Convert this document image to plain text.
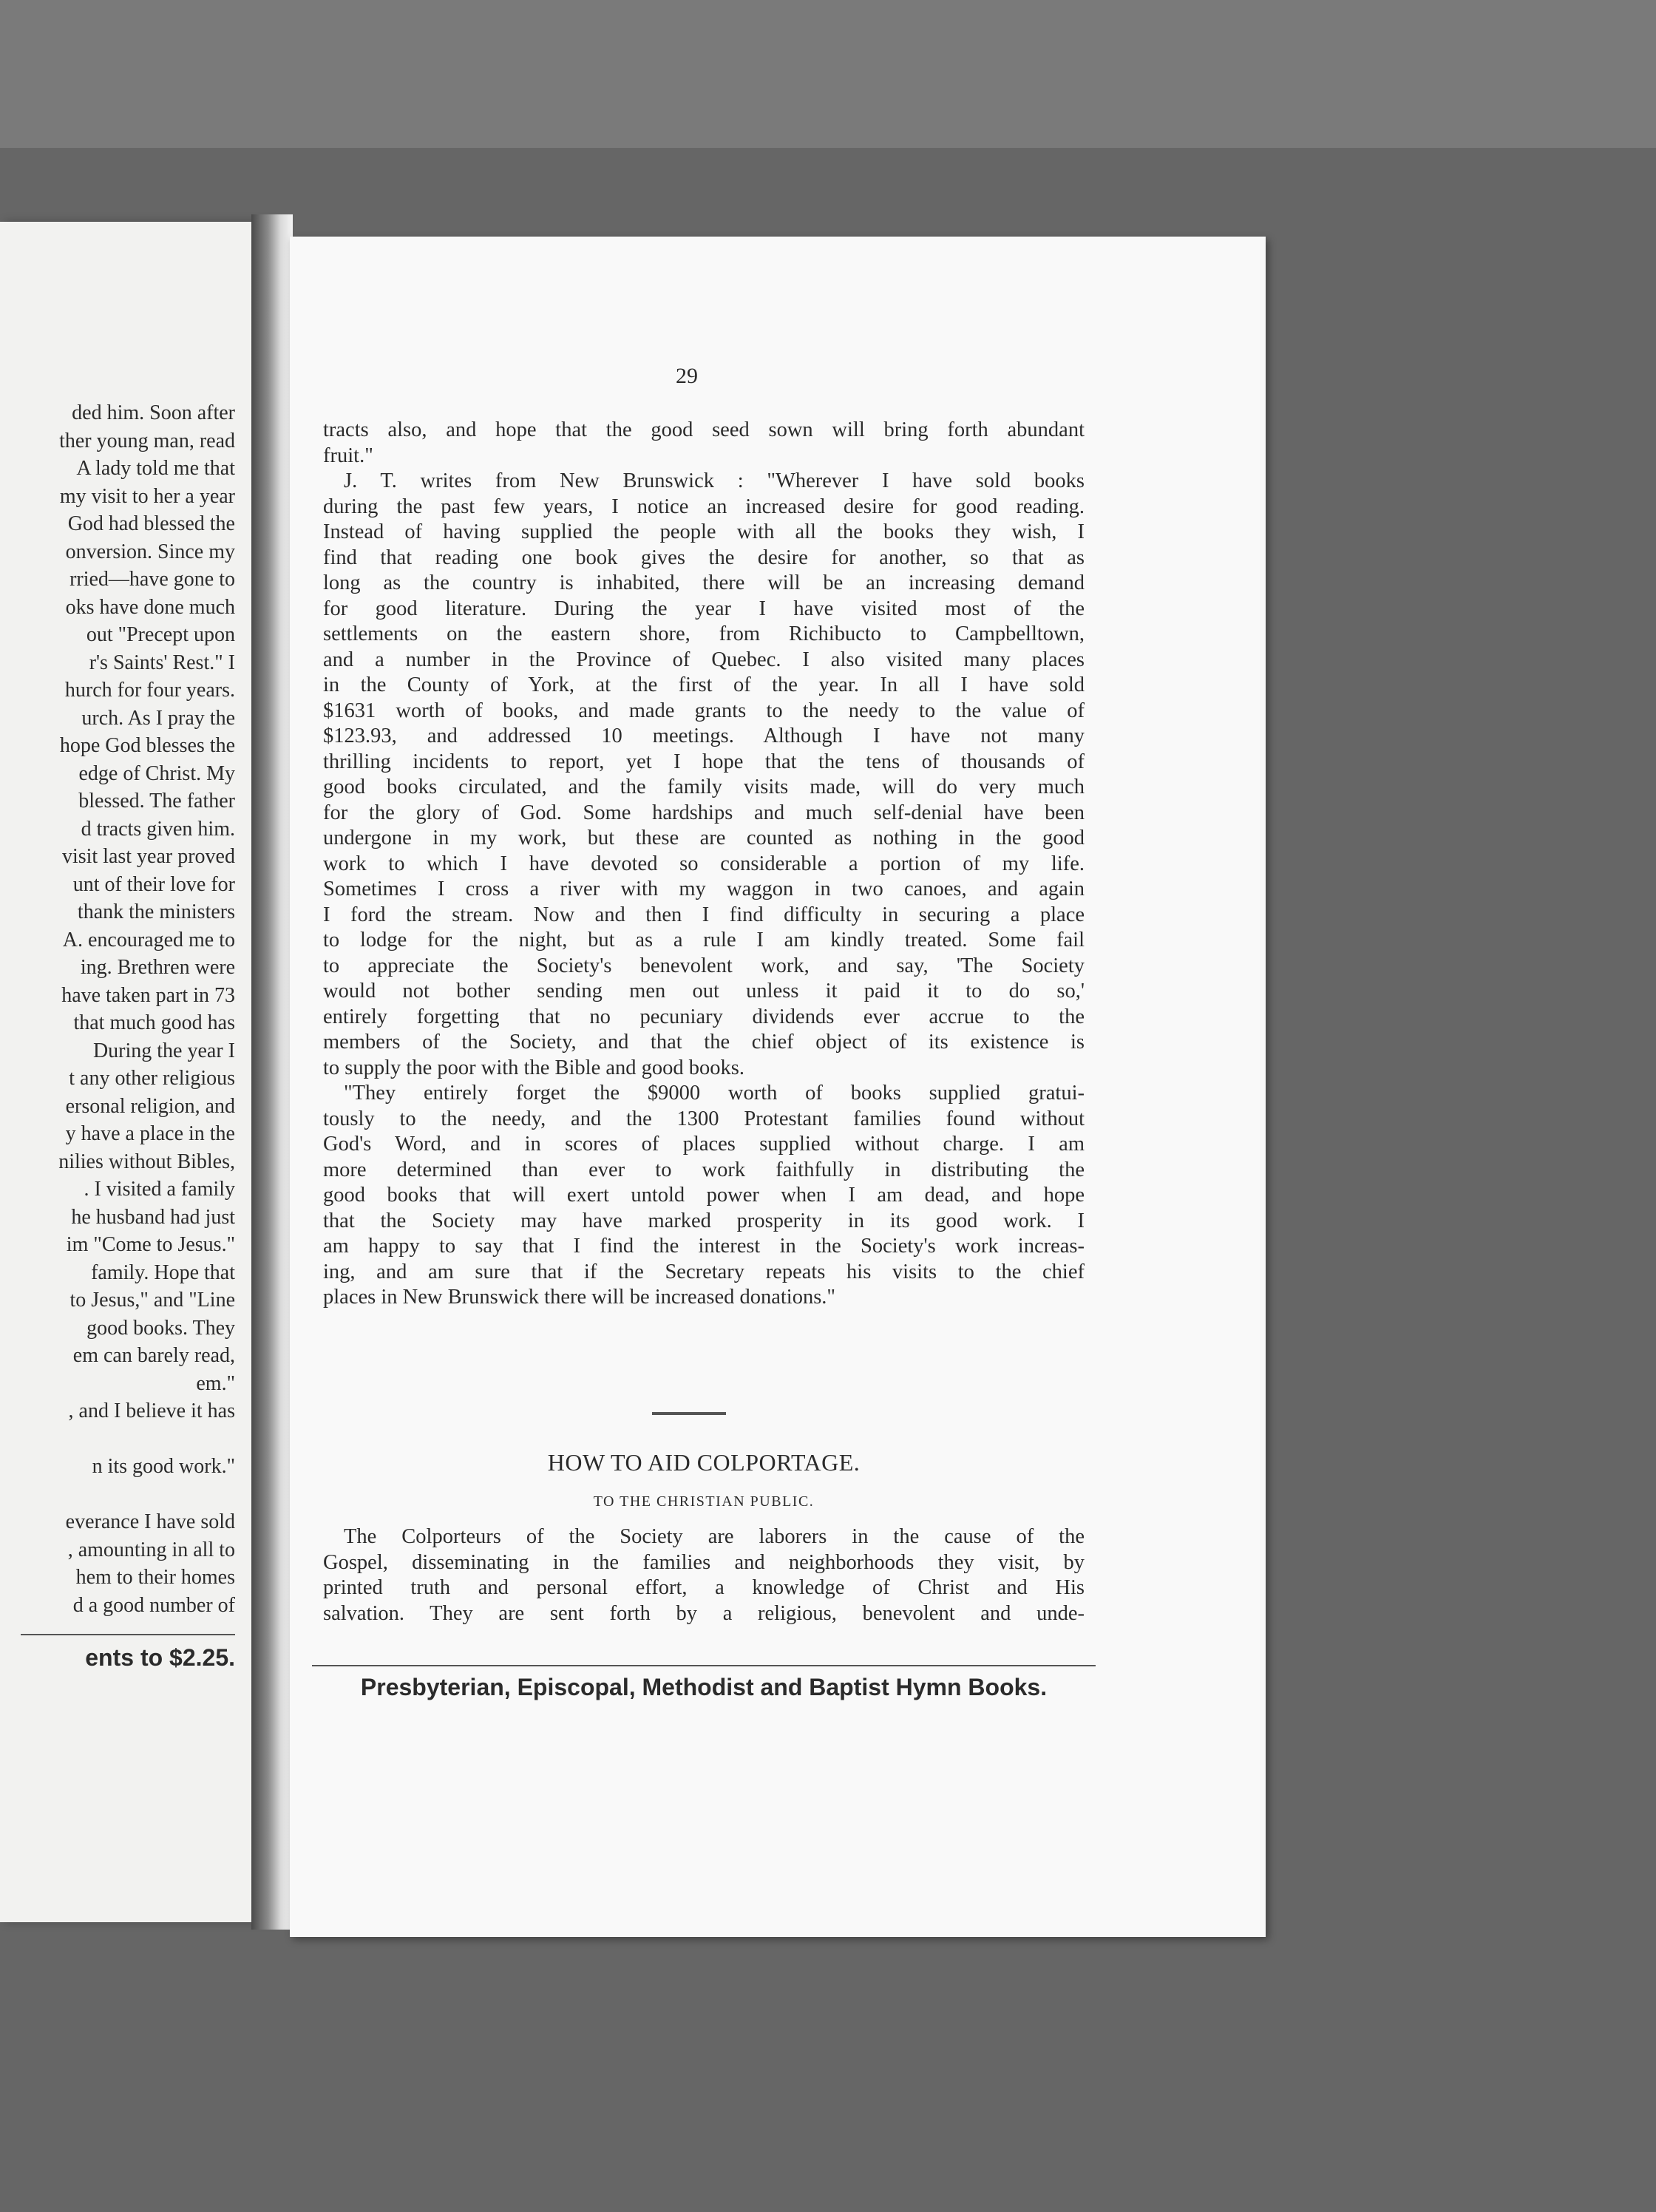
ded him. Soon after
ther young man, read
A lady told me that
my visit to her a year
God had blessed the
onversion. Since my
rried—have gone to
oks have done much
out "Precept upon
r's Saints' Rest." I
hurch for four years.
urch. As I pray the
hope God blesses the
edge of Christ. My
blessed. The father
d tracts given him.
visit last year proved
unt of their love for
thank the ministers
A. encouraged me to
ing. Brethren were
have taken part in 73
that much good has
During the year I
t any other religious
ersonal religion, and
y have a place in the
nilies without Bibles,
. I visited a family
he husband had just
im "Come to Jesus."
family. Hope that
to Jesus," and "Line
good books. They
em can barely read,
em."
, and I believe it has
n its good work."
everance I have sold
, amounting in all to
hem to their homes
d a good number of
ents to $2.25.
29
tracts also, and hope that the good seed sown will bring forth abundant
fruit."
J. T. writes from New Brunswick : "Wherever I have sold books
during the past few years, I notice an increased desire for good reading.
Instead of having supplied the people with all the books they wish, I
find that reading one book gives the desire for another, so that as
long as the country is inhabited, there will be an increasing demand
for good literature. During the year I have visited most of the
settlements on the eastern shore, from Richibucto to Campbelltown,
and a number in the Province of Quebec. I also visited many places
in the County of York, at the first of the year. In all I have sold
$1631 worth of books, and made grants to the needy to the value of
$123.93, and addressed 10 meetings. Although I have not many
thrilling incidents to report, yet I hope that the tens of thousands of
good books circulated, and the family visits made, will do very much
for the glory of God. Some hardships and much self-denial have been
undergone in my work, but these are counted as nothing in the good
work to which I have devoted so considerable a portion of my life.
Sometimes I cross a river with my waggon in two canoes, and again
I ford the stream. Now and then I find difficulty in securing a place
to lodge for the night, but as a rule I am kindly treated. Some fail
to appreciate the Society's benevolent work, and say, 'The Society
would not bother sending men out unless it paid it to do so,'
entirely forgetting that no pecuniary dividends ever accrue to the
members of the Society, and that the chief object of its existence is
to supply the poor with the Bible and good books.
"They entirely forget the $9000 worth of books supplied gratui-
tously to the needy, and the 1300 Protestant families found without
God's Word, and in scores of places supplied without charge. I am
more determined than ever to work faithfully in distributing the
good books that will exert untold power when I am dead, and hope
that the Society may have marked prosperity in its good work. I
am happy to say that I find the interest in the Society's work increas-
ing, and am sure that if the Secretary repeats his visits to the chief
places in New Brunswick there will be increased donations."
HOW TO AID COLPORTAGE.
TO THE CHRISTIAN PUBLIC.
The Colporteurs of the Society are laborers in the cause of the
Gospel, disseminating in the families and neighborhoods they visit, by
printed truth and personal effort, a knowledge of Christ and His
salvation. They are sent forth by a religious, benevolent and unde-
Presbyterian, Episcopal, Methodist and Baptist Hymn Books.
